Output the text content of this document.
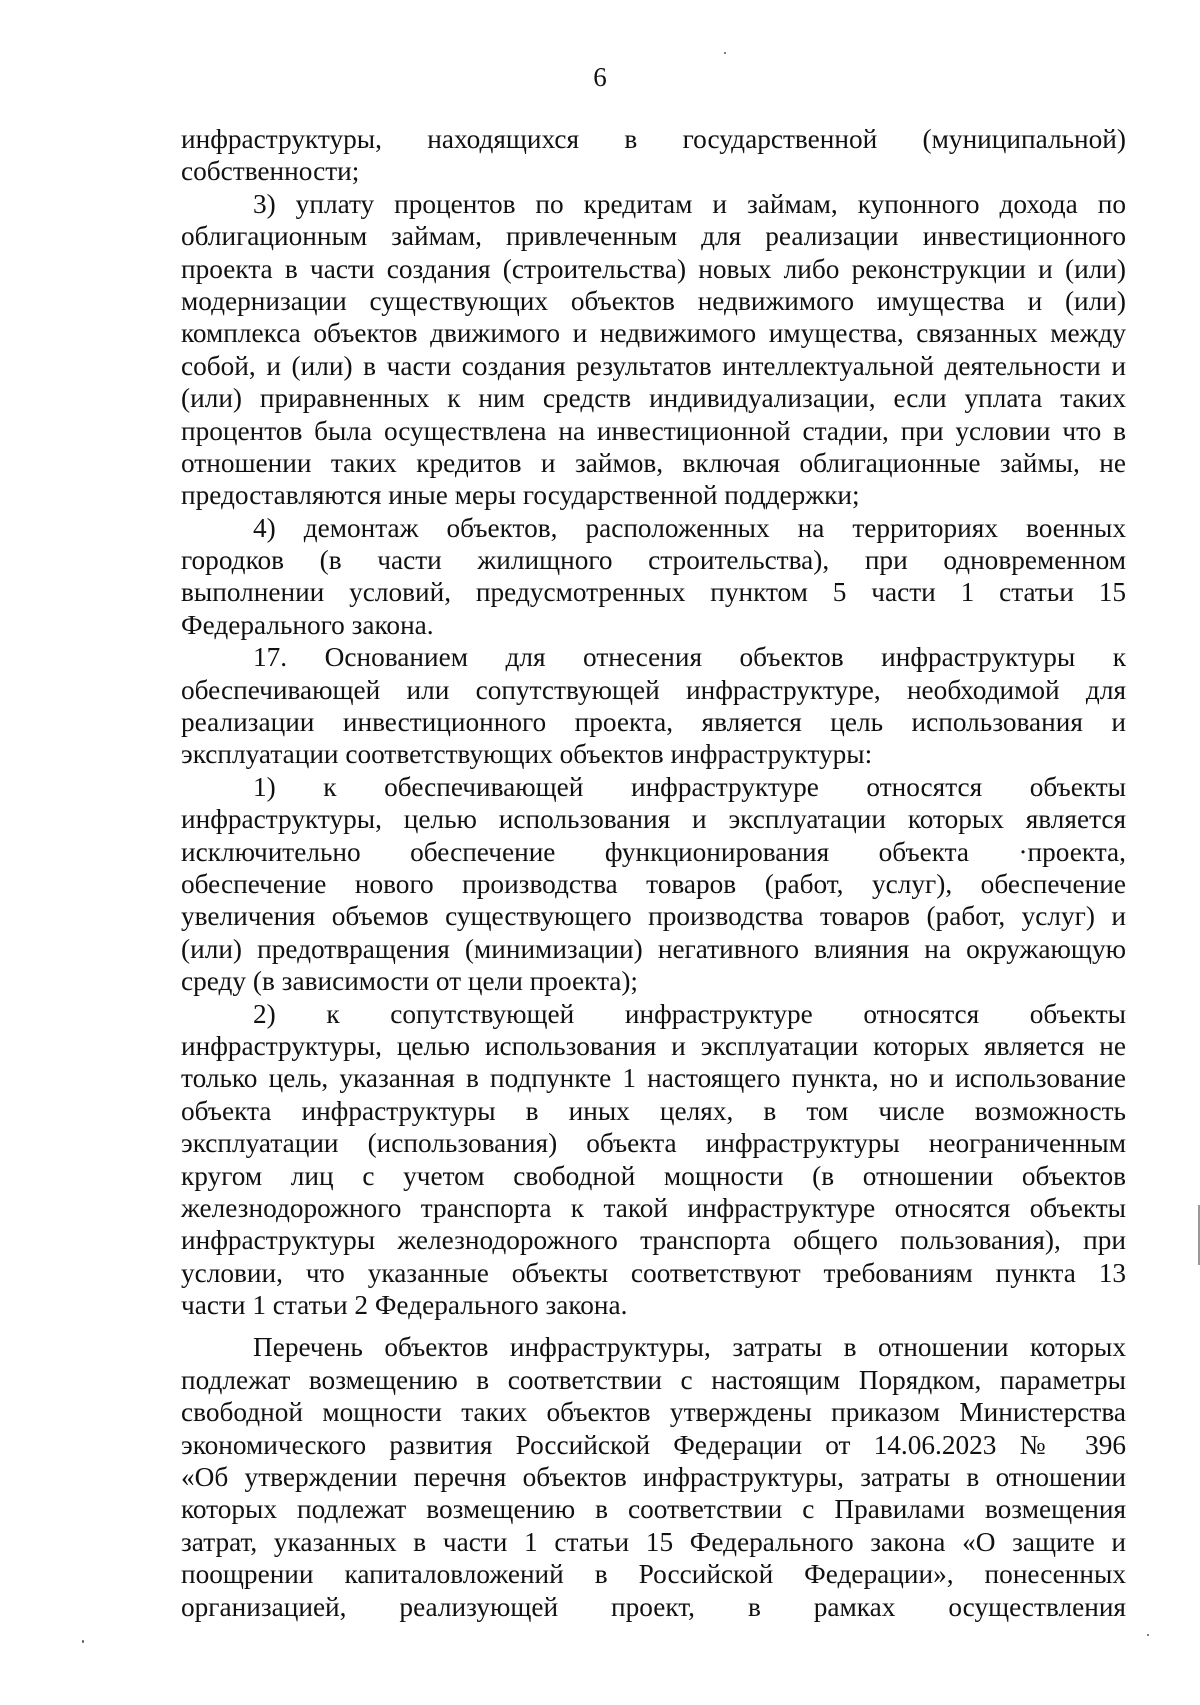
6
инфраструктуры, находящихся в государственной (муниципальной)
собственности;
3) уплату процентов по кредитам и займам, купонного дохода по
облигационным займам, привлеченным для реализации инвестиционного
проекта в части создания (строительства) новых либо реконструкции и (или)
модернизации существующих объектов недвижимого имущества и (или)
комплекса объектов движимого и недвижимого имущества, связанных между
собой, и (или) в части создания результатов интеллектуальной деятельности и
(или) приравненных к ним средств индивидуализации, если уплата таких
процентов была осуществлена на инвестиционной стадии, при условии что в
отношении таких кредитов и займов, включая облигационные займы, не
предоставляются иные меры государственной поддержки;
4) демонтаж объектов, расположенных на территориях военных
городков (в части жилищного строительства), при одновременном
выполнении условий, предусмотренных пунктом 5 части 1 статьи 15
Федерального закона.
17. Основанием для отнесения объектов инфраструктуры к
обеспечивающей или сопутствующей инфраструктуре, необходимой для
реализации инвестиционного проекта, является цель использования и
эксплуатации соответствующих объектов инфраструктуры:
1) к обеспечивающей инфраструктуре относятся объекты
инфраструктуры, целью использования и эксплуатации которых является
исключительно обеспечение функционирования объекта ·проекта,
обеспечение нового производства товаров (работ, услуг), обеспечение
увеличения объемов существующего производства товаров (работ, услуг) и
(или) предотвращения (минимизации) негативного влияния на окружающую
среду (в зависимости от цели проекта);
2) к сопутствующей инфраструктуре относятся объекты
инфраструктуры, целью использования и эксплуатации которых является не
только цель, указанная в подпункте 1 настоящего пункта, но и использование
объекта инфраструктуры в иных целях, в том числе возможность
эксплуатации (использования) объекта инфраструктуры неограниченным
кругом лиц с учетом свободной мощности (в отношении объектов
железнодорожного транспорта к такой инфраструктуре относятся объекты
инфраструктуры железнодорожного транспорта общего пользования), при
условии, что указанные объекты соответствуют требованиям пункта 13
части 1 статьи 2 Федерального закона.
Перечень объектов инфраструктуры, затраты в отношении которых
подлежат возмещению в соответствии с настоящим Порядком, параметры
свободной мощности таких объектов утверждены приказом Министерства
экономического развития Российской Федерации от 14.06.2023 № 396
«Об утверждении перечня объектов инфраструктуры, затраты в отношении
которых подлежат возмещению в соответствии с Правилами возмещения
затрат, указанных в части 1 статьи 15 Федерального закона «О защите и
поощрении капиталовложений в Российской Федерации», понесенных
организацией, реализующей проект, в рамках осуществления
